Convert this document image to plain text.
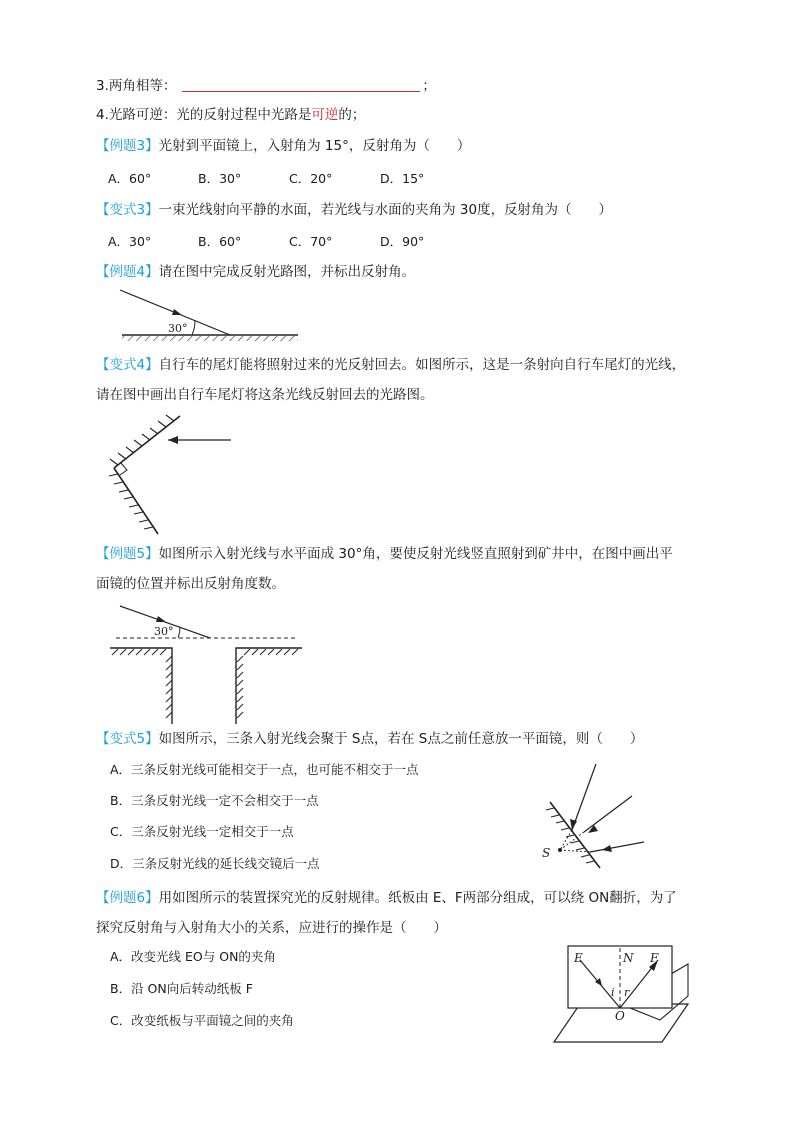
3.两角相等：	；
4.光路可逆：光的反射过程中光路是可逆的；
【例题3】光射到平面镜上，入射角为 15°，反射角为（　　）
A．60°	B．30°	C．20°	D．15°
【变式3】一束光线射向平静的水面，若光线与水面的夹角为 30度，反射角为（　　）
A．30°	B．60°	C．70°	D．90°
【例题4】请在图中完成反射光路图，并标出反射角。
30°
【变式4】自行车的尾灯能将照射过来的光反射回去。如图所示，这是一条射向自行车尾灯的光线，
请在图中画出自行车尾灯将这条光线反射回去的光路图。
【例题5】如图所示入射光线与水平面成 30°角，要使反射光线竖直照射到矿井中，在图中画出平
面镜的位置并标出反射角度数。
30°
【变式5】如图所示，三条入射光线会聚于 S点，若在 S点之前任意放一平面镜，则（　　）
A．三条反射光线可能相交于一点，也可能不相交于一点
B．三条反射光线一定不会相交于一点
C．三条反射光线一定相交于一点
D．三条反射光线的延长线交镜后一点
S
【例题6】用如图所示的装置探究光的反射规律。纸板由 E、F两部分组成，可以绕 ON翻折，为了
探究反射角与入射角大小的关系，应进行的操作是（　　）
A．改变光线 EO与 ON的夹角
B．沿 ON向后转动纸板 F
C．改变纸板与平面镜之间的夹角
E	N F
i r
O
